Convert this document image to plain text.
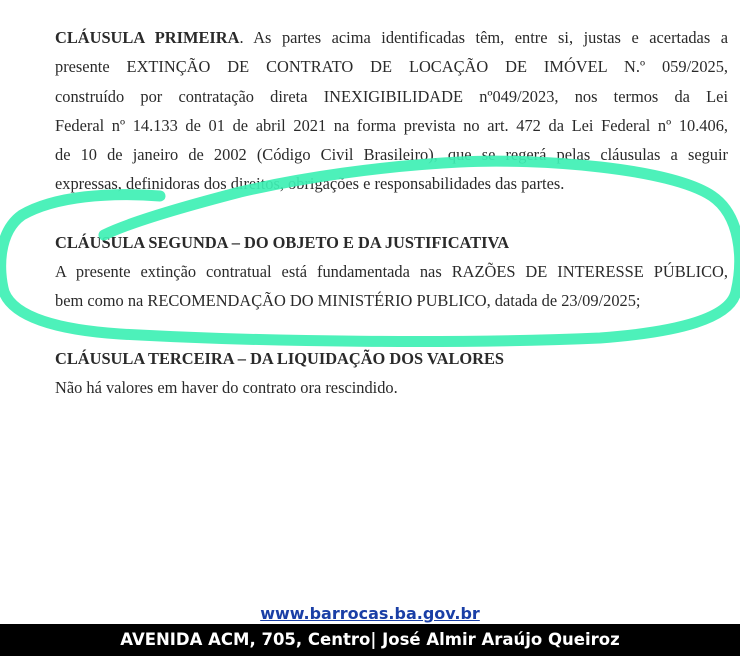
CLÁUSULA PRIMEIRA. As partes acima identificadas têm, entre si, justas e acertadas a
presente EXTINÇÃO DE CONTRATO DE LOCAÇÃO DE IMÓVEL N.º 059/2025,
construído por contratação direta INEXIGIBILIDADE nº049/2023, nos termos da Lei
Federal nº 14.133 de 01 de abril 2021 na forma prevista no art. 472 da Lei Federal nº 10.406,
de 10 de janeiro de 2002 (Código Civil Brasileiro), que se regerá pelas cláusulas a seguir
expressas, definidoras dos direitos, obrigações e responsabilidades das partes.
CLÁUSULA SEGUNDA – DO OBJETO E DA JUSTIFICATIVA
A presente extinção contratual está fundamentada nas RAZÕES DE INTERESSE PÚBLICO,
bem como na RECOMENDAÇÃO DO MINISTÉRIO PUBLICO, datada de 23/09/2025;
CLÁUSULA TERCEIRA – DA LIQUIDAÇÃO DOS VALORES
Não há valores em haver do contrato ora rescindido.
www.barrocas.ba.gov.br
AVENIDA ACM, 705, Centro| José Almir Araújo Queiroz
